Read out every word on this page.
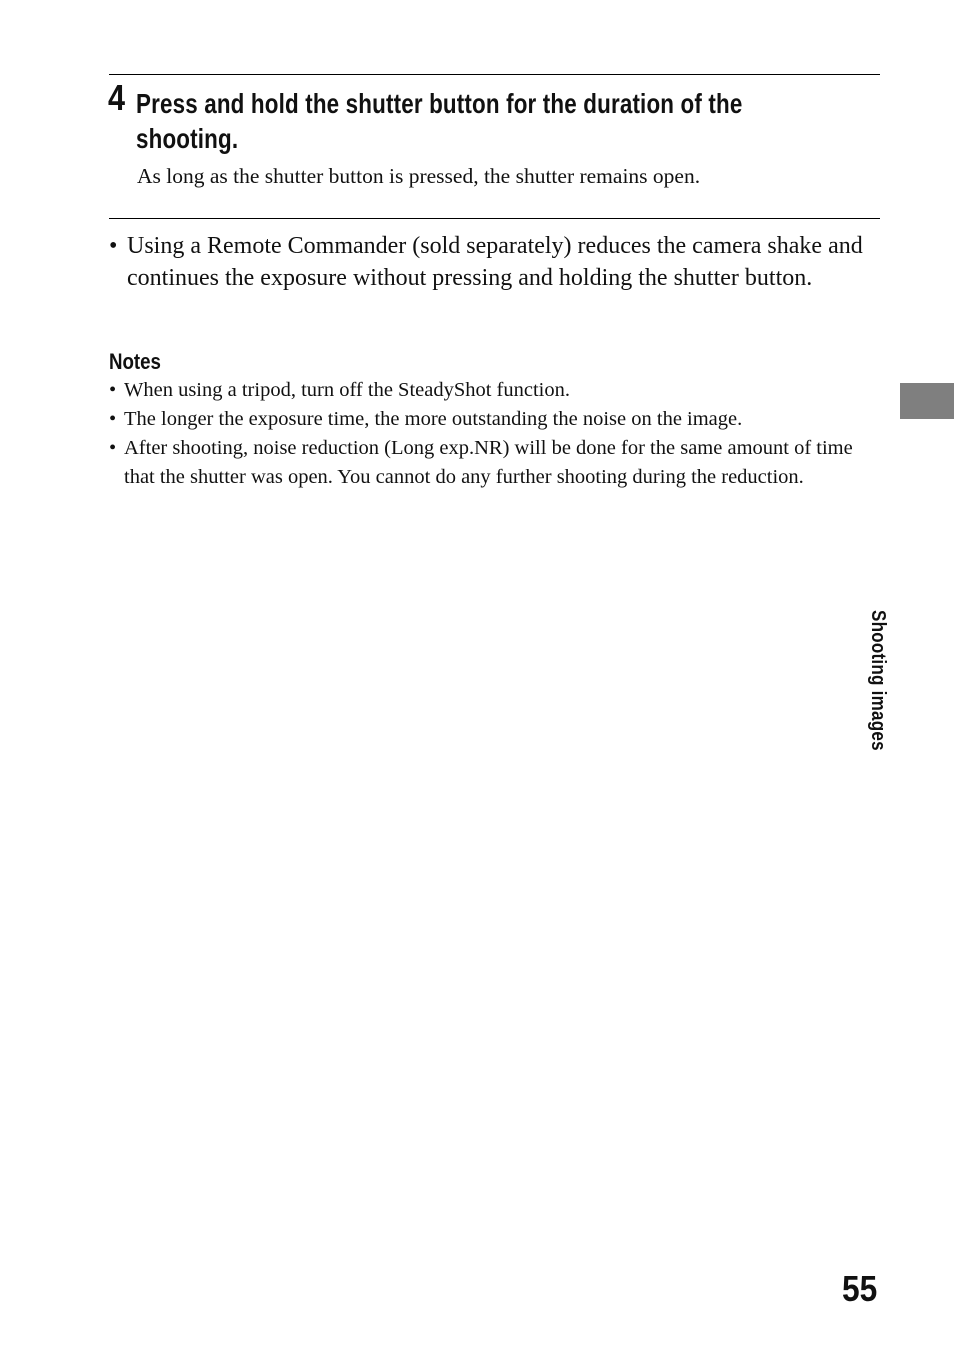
4 Press and hold the shutter button for the duration of the shooting.
As long as the shutter button is pressed, the shutter remains open.
• Using a Remote Commander (sold separately) reduces the camera shake and continues the exposure without pressing and holding the shutter button.
Notes
• When using a tripod, turn off the SteadyShot function.
• The longer the exposure time, the more outstanding the noise on the image.
• After shooting, noise reduction (Long exp.NR) will be done for the same amount of time that the shutter was open. You cannot do any further shooting during the reduction.
Shooting images
55
